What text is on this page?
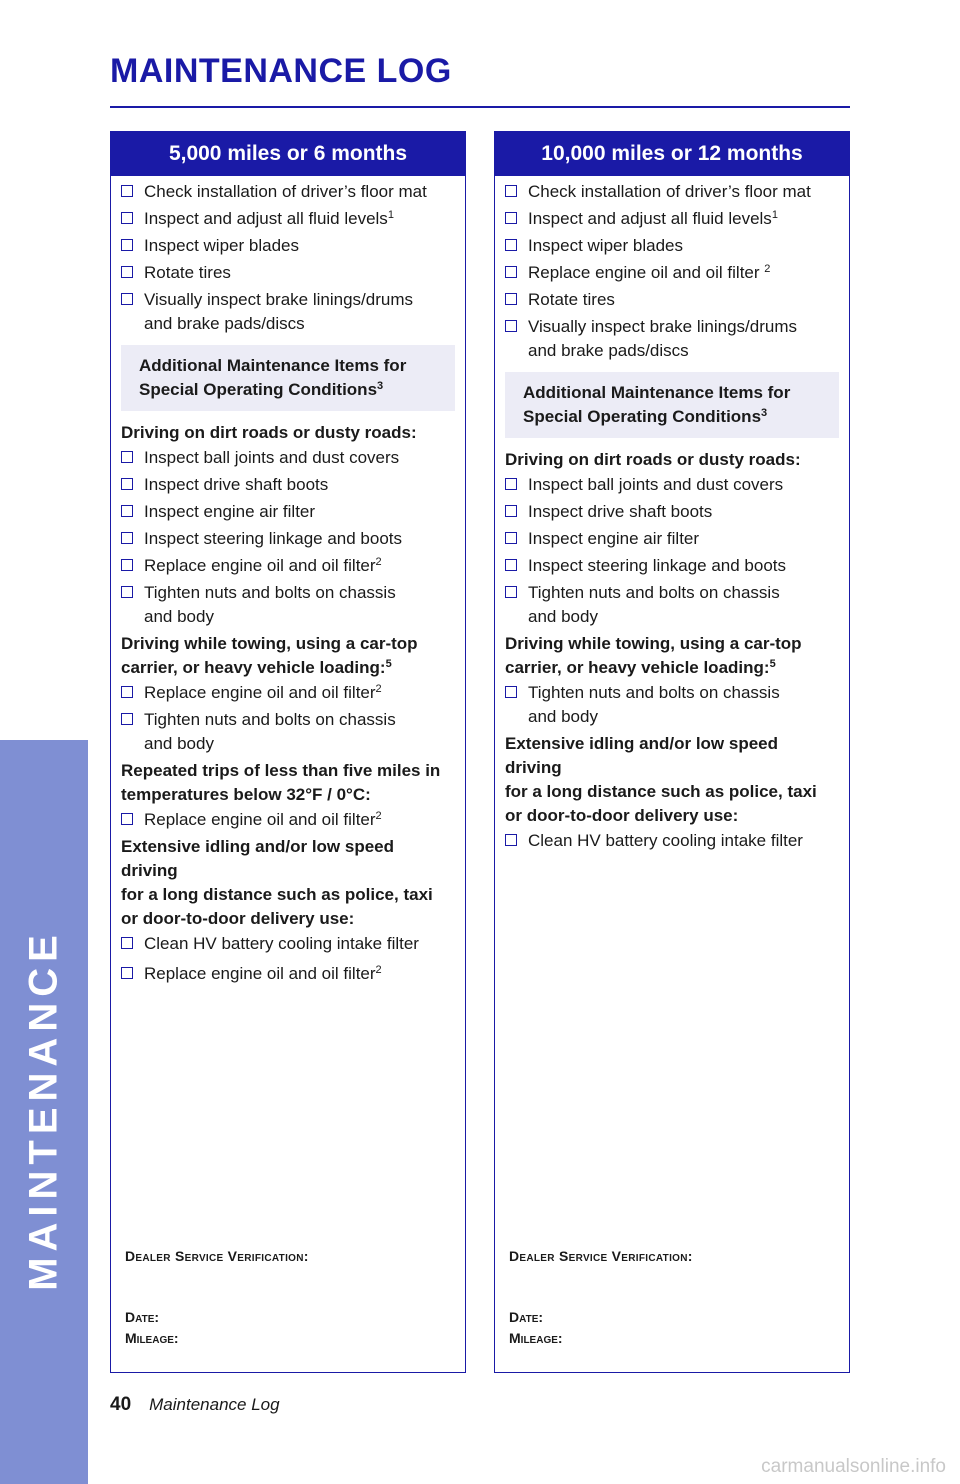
MAINTENANCE
MAINTENANCE LOG
5,000 miles or 6 months
Check installation of driver’s floor mat
Inspect and adjust all fluid levels$^1$
Inspect wiper blades
Rotate tires
Visually inspect brake linings/drums
and brake pads/discs
Additional Maintenance Items for
Special Operating Conditions$^3$
Driving on dirt roads or dusty roads:
Inspect ball joints and dust covers
Inspect drive shaft boots
Inspect engine air filter
Inspect steering linkage and boots
Replace engine oil and oil filter$^2$
Tighten nuts and bolts on chassis
and body
Driving while towing, using a car-top
carrier, or heavy vehicle loading:$^5$
Replace engine oil and oil filter$^2$
Tighten nuts and bolts on chassis
and body
Repeated trips of less than five miles in
temperatures below 32°F / 0°C:
Replace engine oil and oil filter$^2$
Extensive idling and/or low speed driving
for a long distance such as police, taxi
or door-to-door delivery use:
Clean HV battery cooling intake filter
Replace engine oil and oil filter$^2$
Dealer Service Verification:
Date:
Mileage:
10,000 miles or 12 months
Check installation of driver’s floor mat
Inspect and adjust all fluid levels$^1$
Inspect wiper blades
Replace engine oil and oil filter $^2$
Rotate tires
Visually inspect brake linings/drums
and brake pads/discs
Additional Maintenance Items for
Special Operating Conditions$^3$
Driving on dirt roads or dusty roads:
Inspect ball joints and dust covers
Inspect drive shaft boots
Inspect engine air filter
Inspect steering linkage and boots
Tighten nuts and bolts on chassis
and body
Driving while towing, using a car-top
carrier, or heavy vehicle loading:$^5$
Tighten nuts and bolts on chassis
and body
Extensive idling and/or low speed driving
for a long distance such as police, taxi
or door-to-door delivery use:
Clean HV battery cooling intake filter
Dealer Service Verification:
Date:
Mileage:
40 Maintenance Log
carmanualsonline.info
